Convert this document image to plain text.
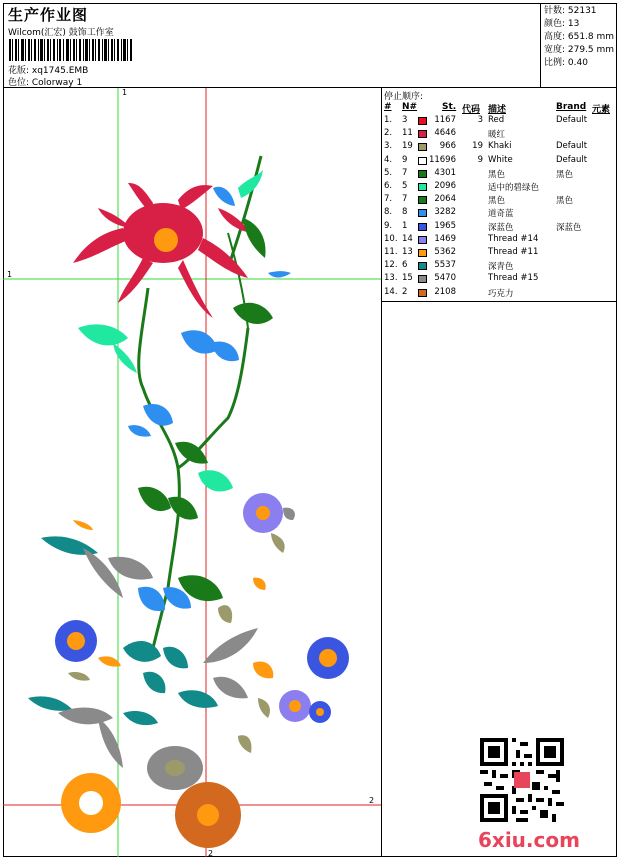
生产作业图
Wilcom(汇宏) 鼓饰工作室
花版: xq1745.EMB
色位: Colorway 1
针数: 52131
颜色: 13
高度: 651.8 mm
宽度: 279.5 mm
比例: 0.40
1
1
2
2
停止顺序:
# N#	St. 代码 描述	Brand 元素
1. 3	1167	3 Red	Default
2. 11	4646	暖红
3. 19	966 19 Khaki	Default
4. 9	11696	9 White	Default
5. 7	4301	黑色	黑色
6. 5	2096	适中的碧绿色
7. 7	2064	黑色	黑色
8. 8	3282	道奇蓝
9. 1	1965	深蓝色	深蓝色
10. 14	1469	Thread #14
11. 13	5362	Thread #11
12. 6	5537	深青色
13. 15	5470	Thread #15
14. 2	2108	巧克力
6xiu.com
